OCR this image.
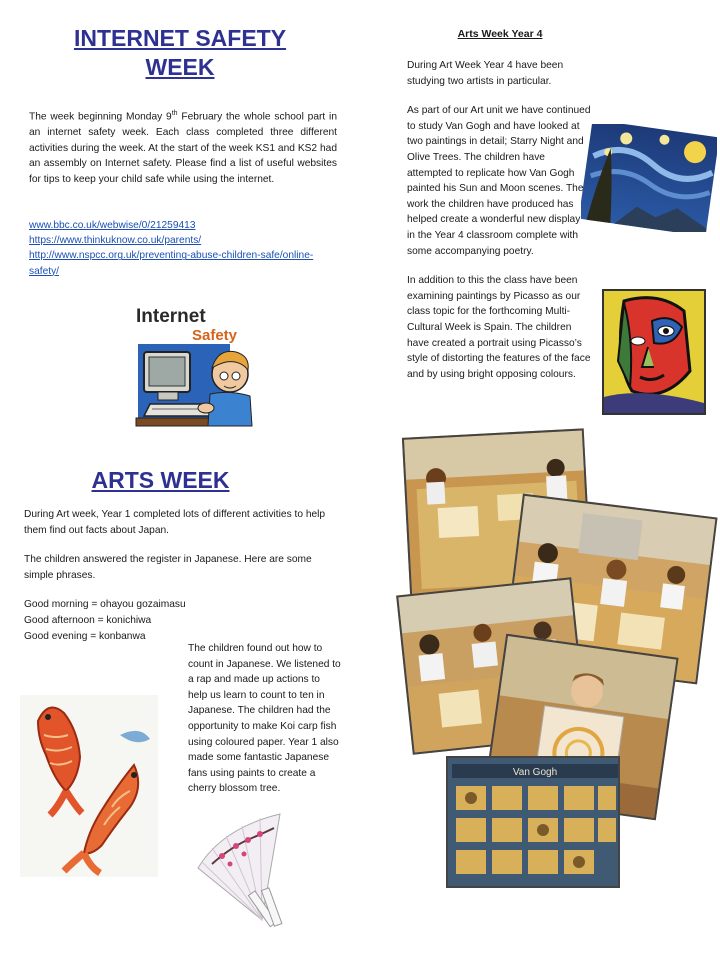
INTERNET SAFETY
WEEK
The week beginning Monday 9th February the whole school part in an internet safety week. Each class completed three different activities during the week. At the start of the week KS1 and KS2 had an assembly on Internet safety. Please find a list of useful websites for tips to keep your child safe while using the internet.
www.bbc.co.uk/webwise/0/21259413
https://www.thinkuknow.co.uk/parents/
http://www.nspcc.org.uk/preventing-abuse-children-safe/online-safety/
Internet
Safety
Arts Week Year 4

During Art Week Year 4 have been studying two artists in particular.

As part of our Art unit we have continued to study Van Gogh and have looked at two paintings in detail; Starry Night and Olive Trees. The children have attempted to replicate how Van Gogh painted his Sun and Moon scenes. The work the children have produced has helped create a wonderful new display in the Year 4 classroom complete with some accompanying poetry.

In addition to this the class have been examining paintings by Picasso as our class topic for the forthcoming Multi-Cultural Week is Spain. The children have created a portrait using Picasso’s style of distorting the features of the face and by using bright opposing colours.

ARTS WEEK

During Art week, Year 1 completed lots of different activities to help them find out facts about Japan.

The children answered the register in Japanese. Here are some simple phrases.

Good morning = ohayou gozaimasu
Good afternoon = konichiwa
Good evening = konbanwa

The children found out how to count in Japanese. We listened to a rap and made up actions to help us learn to count to ten in Japanese. The children had the opportunity to make Koi carp fish using coloured paper. Year 1 also made some fantastic Japanese fans using paints to create a cherry blossom tree.

Van Gogh
